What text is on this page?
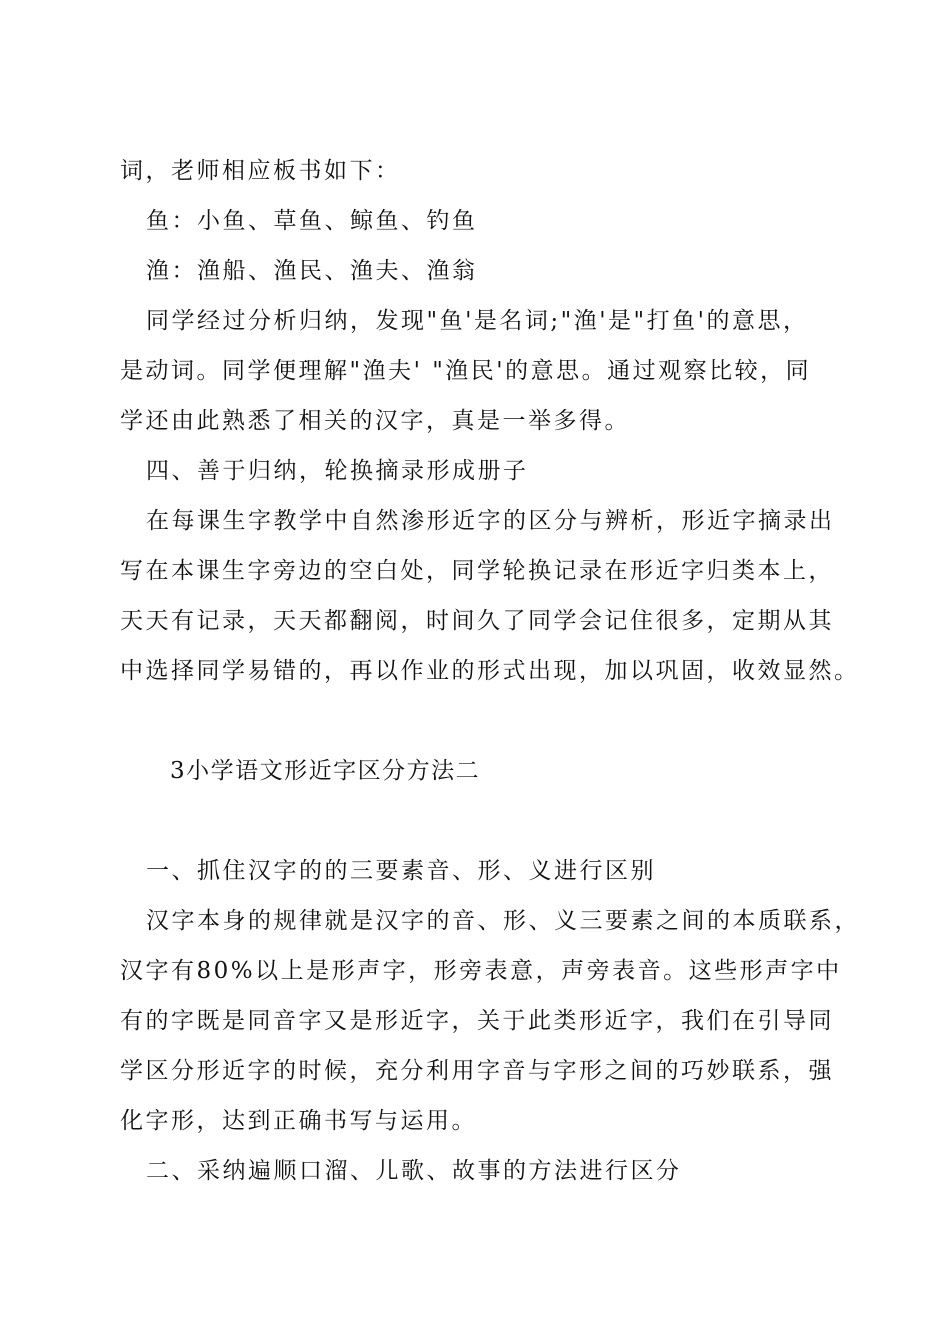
词，老师相应板书如下：
鱼：小鱼、草鱼、鲸鱼、钓鱼
渔：渔船、渔民、渔夫、渔翁
同学经过分析归纳，发现"鱼'是名词;"渔'是"打鱼'的意思，
是动词。同学便理解"渔夫' "渔民'的意思。通过观察比较，同
学还由此熟悉了相关的汉字，真是一举多得。
四、善于归纳，轮换摘录形成册子
在每课生字教学中自然渗形近字的区分与辨析，形近字摘录出
写在本课生字旁边的空白处，同学轮换记录在形近字归类本上，
天天有记录，天天都翻阅，时间久了同学会记住很多，定期从其
中选择同学易错的，再以作业的形式出现，加以巩固，收效显然。
3小学语文形近字区分方法二
一、抓住汉字的的三要素音、形、义进行区别
汉字本身的规律就是汉字的音、形、义三要素之间的本质联系，
汉字有80%以上是形声字，形旁表意，声旁表音。这些形声字中
有的字既是同音字又是形近字，关于此类形近字，我们在引导同
学区分形近字的时候，充分利用字音与字形之间的巧妙联系，强
化字形，达到正确书写与运用。
二、采纳遍顺口溜、儿歌、故事的方法进行区分
